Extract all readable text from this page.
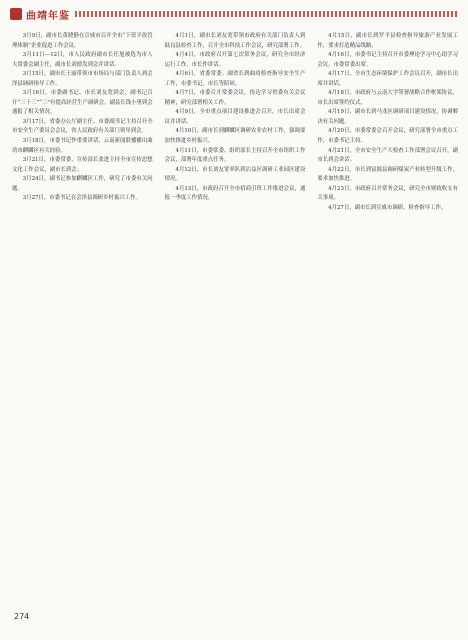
曲靖年鉴

3月9日，副市长黄晓静在宣威市召开全市“下资平改管理体制”企业促进工作会议。

3月11日—12日，市人民政府副市长任旭被选为市人大常委会副主任，副市长刘德发到会并讲话。

3月15日，副市长王丽带领市市场局与部门负责人到会泽县调研指导工作。

3月16日，市委副书记、市长刘友宽到会，副书记召开“三十三”“三”有提高经营生产调研会，副县长钱小勇到会通报了相关情况。

3月17日，省委办公厅副主任、市委副书记主持召开全市安全生产委员会会议，省人民政府有关部门领导到会。

3月18日，市委书记作重要讲话，云南新闻联播播出曲靖市麒麟区有关经验。

3月21日，市委常委、宣传部长张进主持全市宣传思想文化工作会议，副市长到会。

3月24日，副书记参加麒麟区工作，研究了市委有关问题。

3月27日，市委书记在会泽县调研乡村振兴工作。

4月1日，副市长刘友宽带领市政府有关部门负责人到陆良县检查工作，召开全市科技工作会议，研究部署工作。

4月4日，市政府召开第七次常务会议，研究全市经济运行工作，市长作讲话。

4月6日，省委常委、副省长到曲靖检查指导安全生产工作，市委书记、市长等陪同。

4月7日，市委召开常委会议，传达学习省委有关会议精神，研究部署相关工作。

4月9日，全市重点项目建设推进会召开，市长出席会议并讲话。

4月10日，副市长到麒麟区调研农业农村工作，强调要加快推进乡村振兴。

4月11日，市委常委、组织部长主持召开全市组织工作会议，部署年度重点任务。

4月12日，市长刘友宽率队到沾益区调研工业园区建设情况。

4月13日，市政府召开全市招商引资工作推进会议，通报一季度工作情况。

4月15日，副市长到罗平县检查指导旅游产业发展工作，要求打造精品线路。

4月16日，市委书记主持召开市委理论学习中心组学习会议，市委常委出席。

4月17日，全市生态环境保护工作会议召开，副市长出席并讲话。

4月18日，市政府与云南大学签署战略合作框架协议，市长出席签约仪式。

4月19日，副市长到马龙区调研项目建设情况，协调解决有关问题。

4月20日，市委常委会召开会议，研究部署全市重点工作，市委书记主持。

4月21日，全市安全生产大检查工作部署会议召开，副市长到会讲话。

4月22日，市长到富源县调研煤炭产业转型升级工作，要求加快推进。

4月23日，市政府召开常务会议，研究全市财政收支有关事项。

4月27日，副市长到宣威市调研，检查指导工作。

274
